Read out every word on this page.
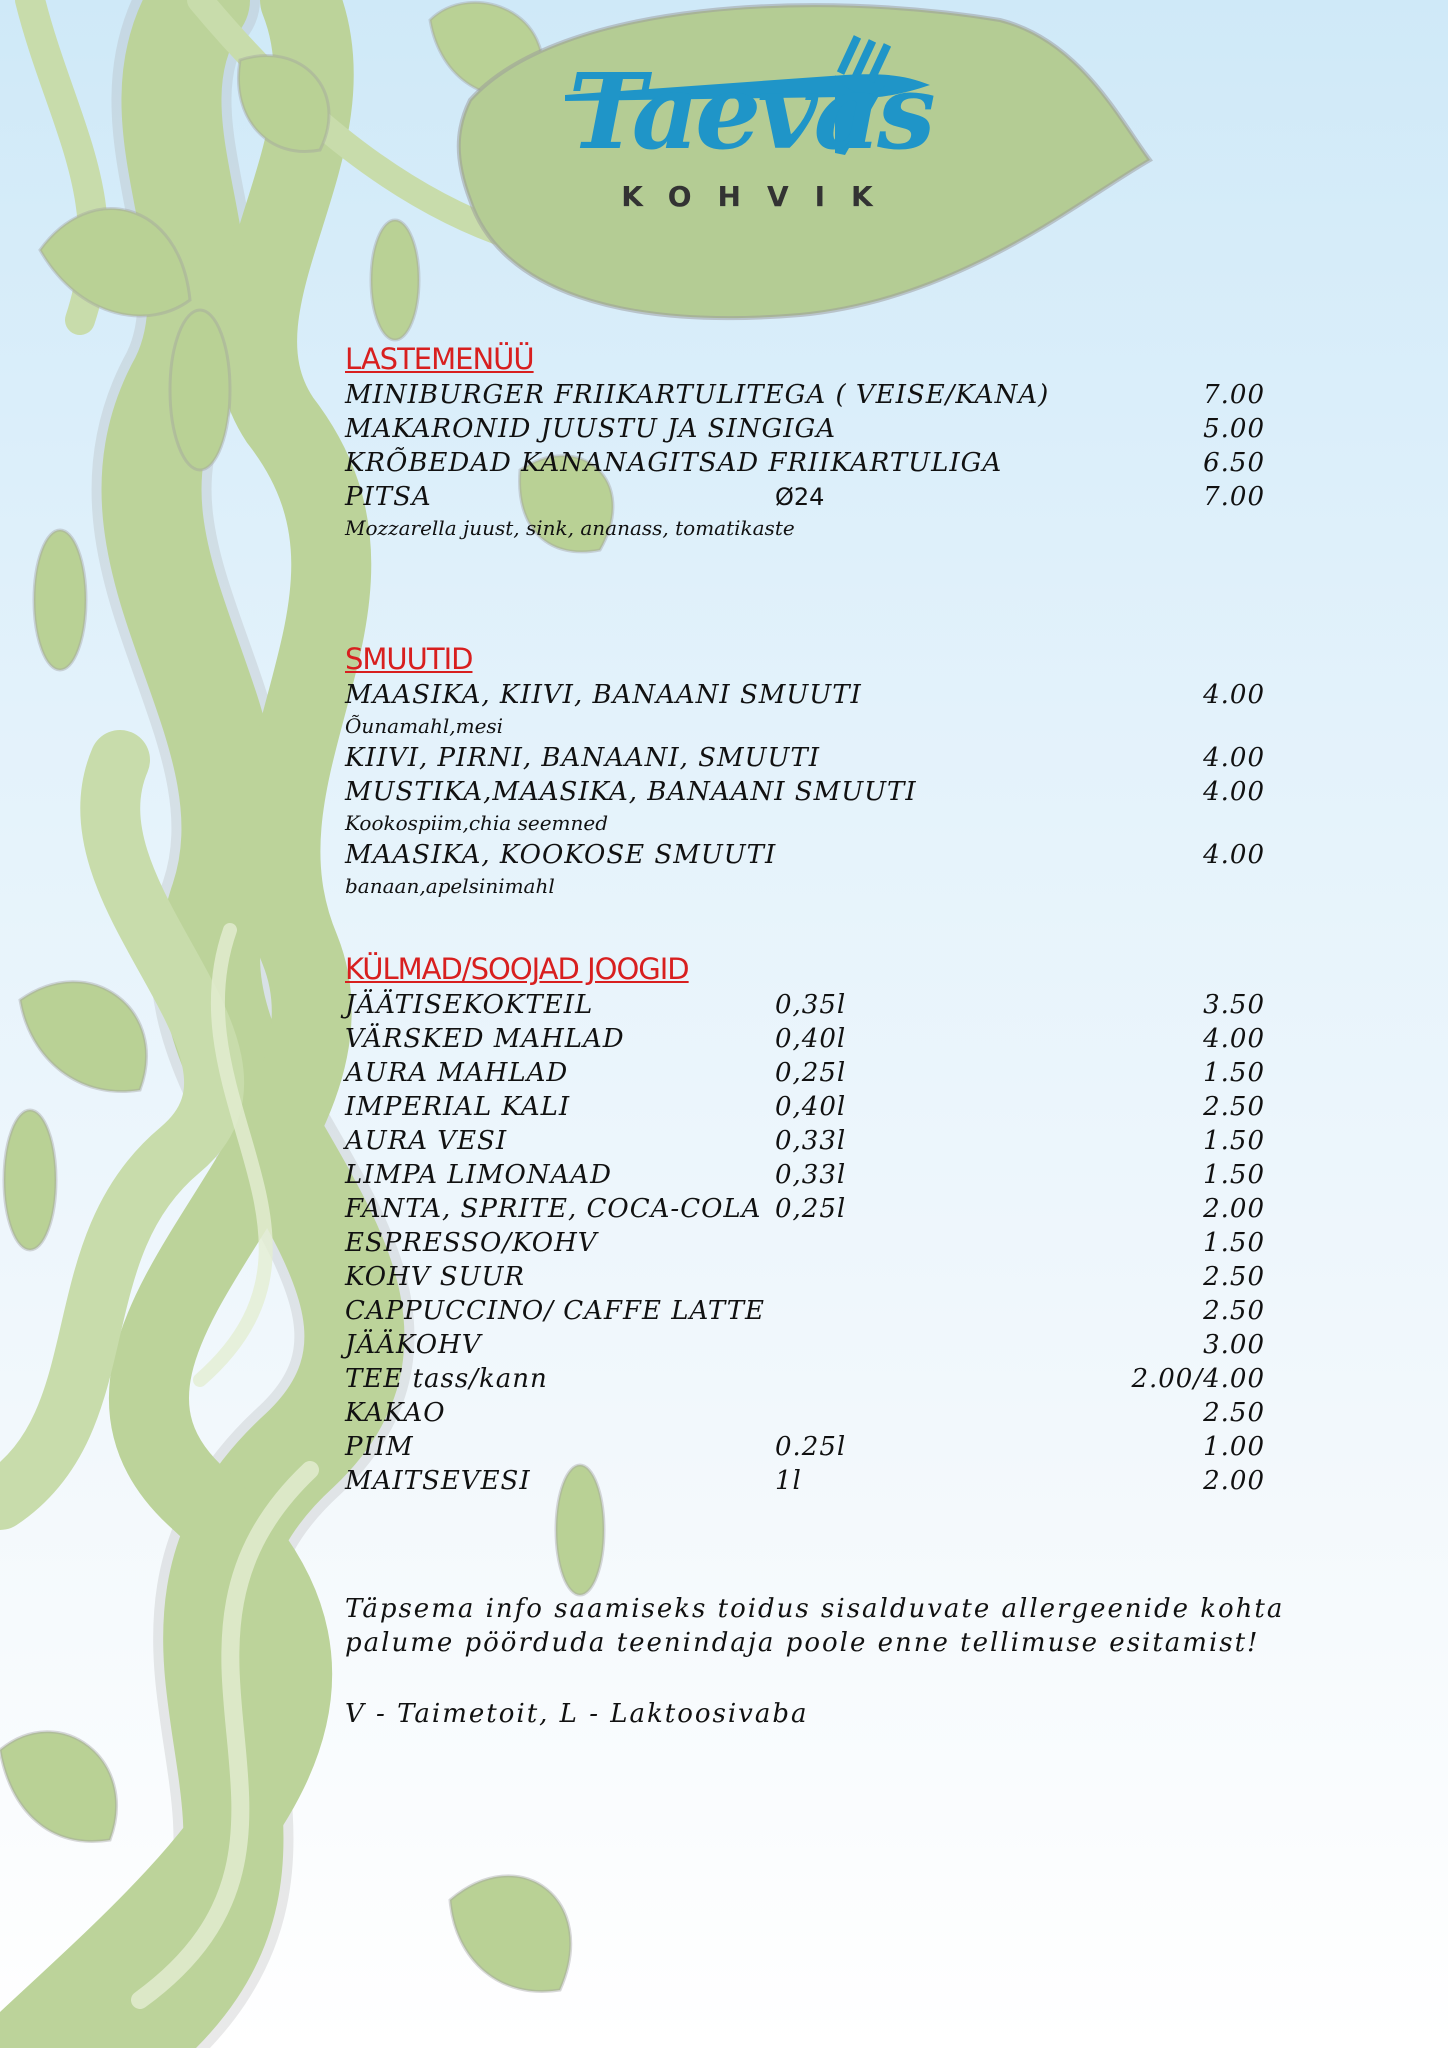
Taevas
KOHVIK
LASTEMENÜÜ
MINIBURGER FRIIKARTULITEGA ( VEISE/KANA)	7.00
MAKARONID JUUSTU JA SINGIGA	5.00
KRÕBEDAD KANANAGITSAD FRIIKARTULIGA	6.50
PITSA	Ø24	7.00
Mozzarella juust, sink, ananass, tomatikaste
SMUUTID
MAASIKA, KIIVI, BANAANI SMUUTI	4.00
Õunamahl,mesi
KIIVI, PIRNI, BANAANI, SMUUTI	4.00
MUSTIKA,MAASIKA, BANAANI SMUUTI	4.00
Kookospiim,chia seemned
MAASIKA, KOOKOSE SMUUTI	4.00
banaan,apelsinimahl
KÜLMAD/SOOJAD JOOGID
JÄÄTISEKOKTEIL	0,35l	3.50
VÄRSKED MAHLAD	0,40l	4.00
AURA MAHLAD	0,25l	1.50
IMPERIAL KALI	0,40l	2.50
AURA VESI	0,33l	1.50
LIMPA LIMONAAD	0,33l	1.50
FANTA, SPRITE, COCA-COLA 0,25l	2.00
ESPRESSO/KOHV	1.50
KOHV SUUR	2.50
CAPPUCCINO/ CAFFE LATTE	2.50
JÄÄKOHV	3.00
TEE tass/kann	2.00/4.00
KAKAO	2.50
PIIM	0.25l	1.00
MAITSEVESI	1l	2.00
Täpsema info saamiseks toidus sisalduvate allergeenide kohta
palume pöörduda teenindaja poole enne tellimuse esitamist!
V - Taimetoit, L - Laktoosivaba
